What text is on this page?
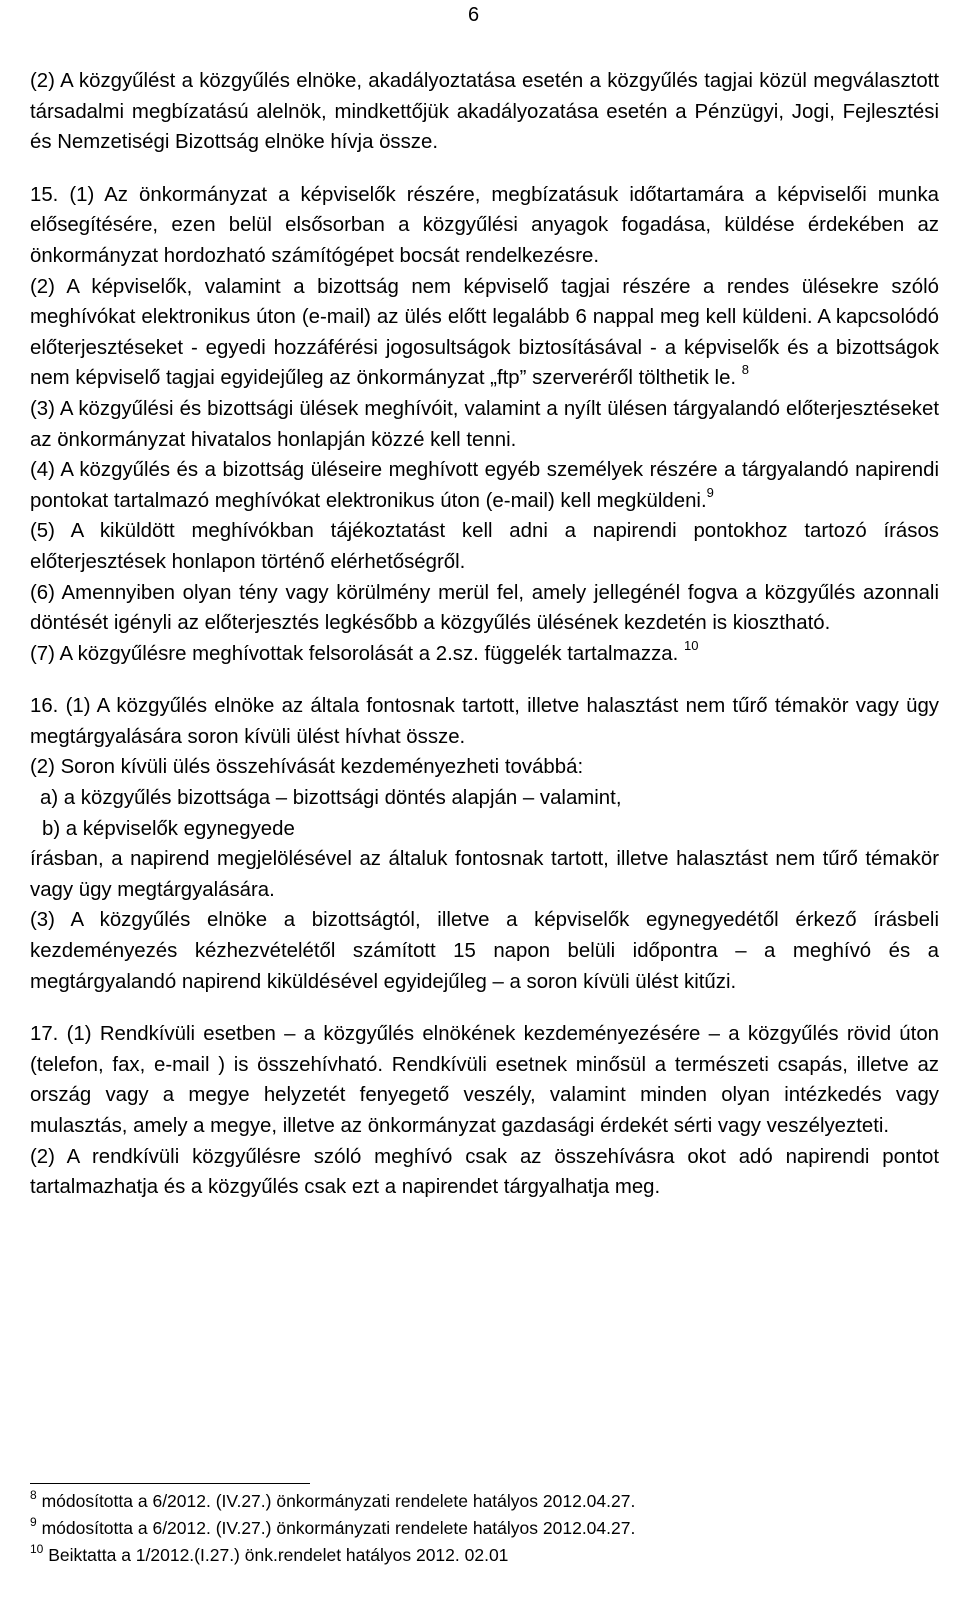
6

(2) A közgyűlést a közgyűlés elnöke, akadályoztatása esetén a közgyűlés tagjai közül megválasztott társadalmi megbízatású alelnök, mindkettőjük akadályozatása esetén a Pénzügyi, Jogi, Fejlesztési és Nemzetiségi Bizottság elnöke hívja össze.

15. (1) Az önkormányzat a képviselők részére, megbízatásuk időtartamára a képviselői munka elősegítésére, ezen belül elsősorban a közgyűlési anyagok fogadása, küldése érdekében az önkormányzat hordozható számítógépet bocsát rendelkezésre.

(2) A képviselők, valamint a bizottság nem képviselő tagjai részére a rendes ülésekre szóló meghívókat elektronikus úton (e-mail) az ülés előtt legalább 6 nappal meg kell küldeni. A kapcsolódó előterjesztéseket - egyedi hozzáférési jogosultságok biztosításával - a képviselők és a bizottságok nem képviselő tagjai egyidejűleg az önkormányzat „ftp” szerveréről tölthetik le. $^8$

(3) A közgyűlési és bizottsági ülések meghívóit, valamint a nyílt ülésen tárgyalandó előterjesztéseket az önkormányzat hivatalos honlapján közzé kell tenni.

(4) A közgyűlés és a bizottság üléseire meghívott egyéb személyek részére a tárgyalandó napirendi pontokat tartalmazó meghívókat elektronikus úton (e-mail) kell megküldeni.$^9$

(5) A kiküldött meghívókban tájékoztatást kell adni a napirendi pontokhoz tartozó írásos előterjesztések honlapon történő elérhetőségről.

(6) Amennyiben olyan tény vagy körülmény merül fel, amely jellegénél fogva a közgyűlés azonnali döntését igényli az előterjesztés legkésőbb a közgyűlés ülésének kezdetén is kiosztható.

(7) A közgyűlésre meghívottak felsorolását a 2.sz. függelék tartalmazza. $^{10}$

16. (1) A közgyűlés elnöke az általa fontosnak tartott, illetve halasztást nem tűrő témakör vagy ügy megtárgyalására soron kívüli ülést hívhat össze.

(2) Soron kívüli ülés összehívását kezdeményezheti továbbá:

a) a közgyűlés bizottsága – bizottsági döntés alapján – valamint,

b) a képviselők egynegyede

írásban, a napirend megjelölésével az általuk fontosnak tartott, illetve halasztást nem tűrő témakör vagy ügy megtárgyalására.

(3) A közgyűlés elnöke a bizottságtól, illetve a képviselők egynegyedétől érkező írásbeli kezdeményezés kézhezvételétől számított 15 napon belüli időpontra – a meghívó és a megtárgyalandó napirend kiküldésével egyidejűleg – a soron kívüli ülést kitűzi.

17. (1) Rendkívüli esetben – a közgyűlés elnökének kezdeményezésére – a közgyűlés rövid úton (telefon, fax, e-mail ) is összehívható. Rendkívüli esetnek minősül a természeti csapás, illetve az ország vagy a megye helyzetét fenyegető veszély, valamint minden olyan intézkedés vagy mulasztás, amely a megye, illetve az önkormányzat gazdasági érdekét sérti vagy veszélyezteti.

(2) A rendkívüli közgyűlésre szóló meghívó csak az összehívásra okot adó napirendi pontot tartalmazhatja és a közgyűlés csak ezt a napirendet tárgyalhatja meg.

$^8$ módosította a 6/2012. (IV.27.) önkormányzati rendelete hatályos 2012.04.27.
$^9$ módosította a 6/2012. (IV.27.) önkormányzati rendelete hatályos 2012.04.27.
$^{10}$ Beiktatta a 1/2012.(I.27.) önk.rendelet hatályos 2012. 02.01
